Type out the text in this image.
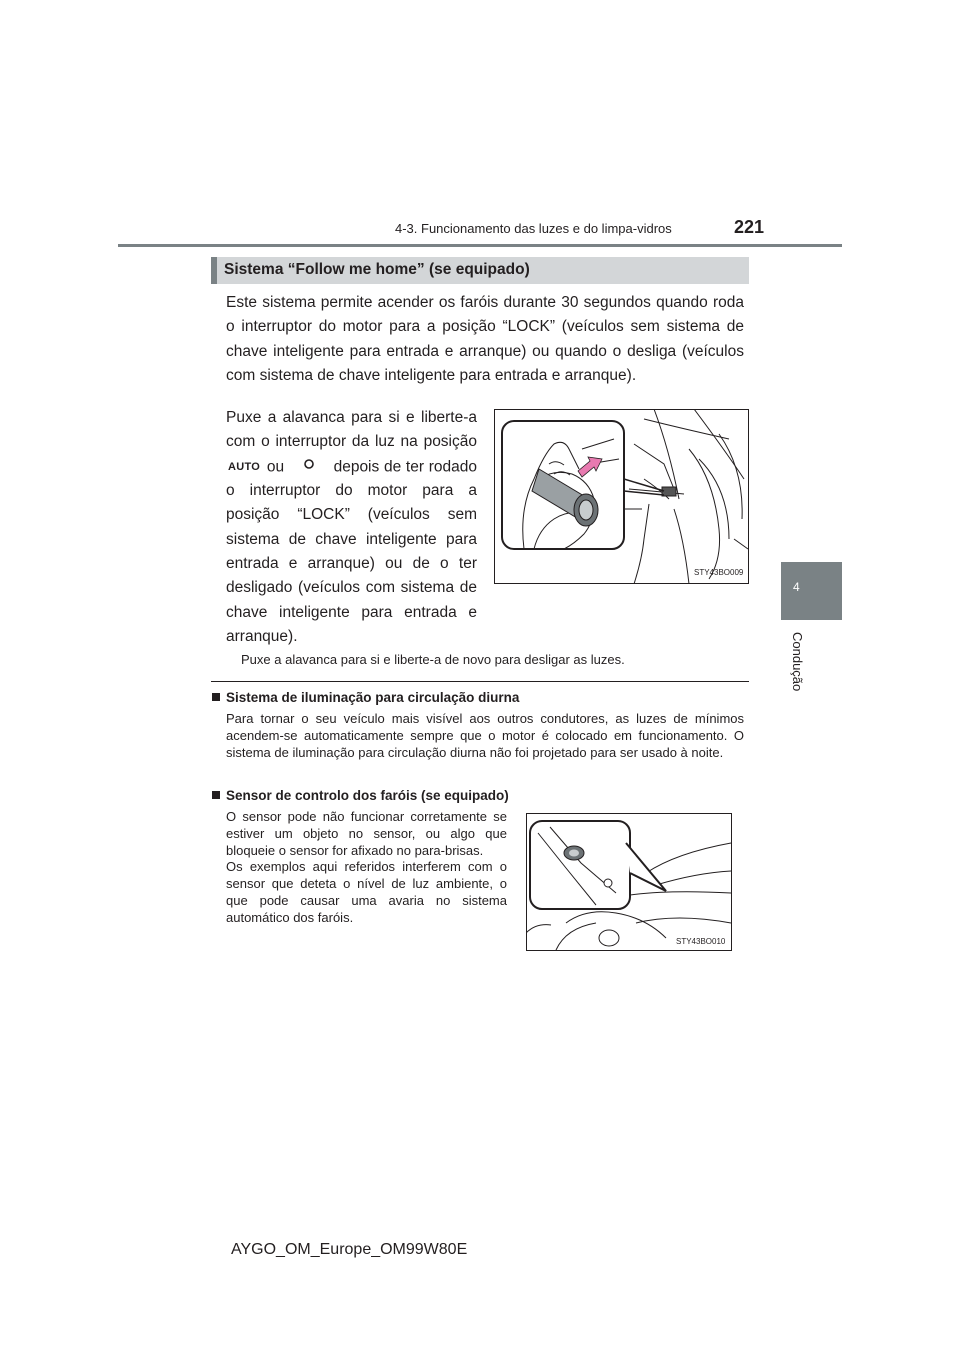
4-3. Funcionamento das luzes e do limpa-vidros	221
4
Condução
Sistema “Follow me home” (se equipado)
Este sistema permite acender os faróis durante 30 segundos quando roda o interruptor do motor para a posição “LOCK” (veículos sem sistema de chave inteligente para entrada e arranque) ou quando o desliga (veículos com sistema de chave inteligente para entrada e arranque).
Puxe a alavanca para si e liberte-a com o interruptor da luz na posição AUTO ou	depois de ter rodado o interruptor do motor para a posição “LOCK” (veículos sem sistema de chave inteligente para entrada e arranque) ou de o ter desligado (veículos com sistema de chave inteligente para entrada e arranque).
STY43BO009
Puxe a alavanca para si e liberte-a de novo para desligar as luzes.
Sistema de iluminação para circulação diurna
Para tornar o seu veículo mais visível aos outros condutores, as luzes de mínimos acendem-se automaticamente sempre que o motor é colocado em funcionamento. O sistema de iluminação para circulação diurna não foi projetado para ser usado à noite.
Sensor de controlo dos faróis (se equipado)
O sensor pode não funcionar corretamente se estiver um objeto no sensor, ou algo que bloqueie o sensor for afixado no para-brisas.
Os exemplos aqui referidos interferem com o sensor que deteta o nível de luz ambiente, o que pode causar uma avaria no sistema automático dos faróis.
STY43BO010
AYGO_OM_Europe_OM99W80E
